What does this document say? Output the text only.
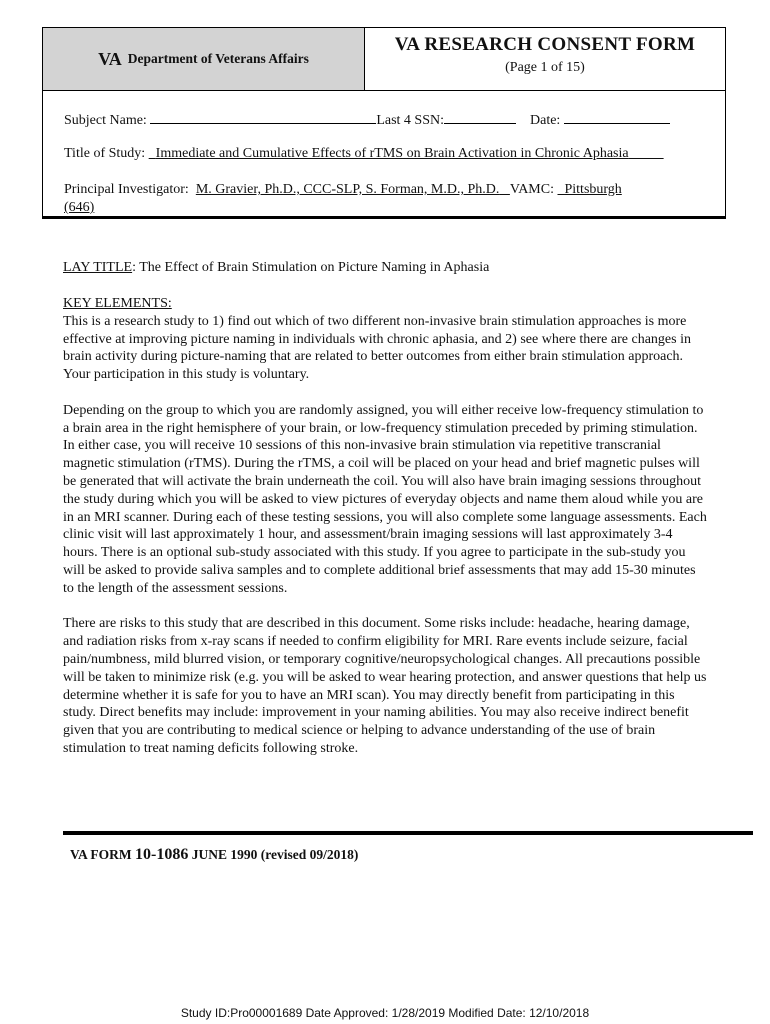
VA Department of Veterans Affairs
VA RESEARCH CONSENT FORM
(Page 1 of 15)
Subject Name:	Last 4 SSN:	Date:
Title of Study: Immediate and Cumulative Effects of rTMS on Brain Activation in Chronic Aphasia
Principal Investigator: M. Gravier, Ph.D., CCC-SLP, S. Forman, M.D., Ph.D. VAMC: Pittsburgh
(646)

LAY TITLE: The Effect of Brain Stimulation on Picture Naming in Aphasia

KEY ELEMENTS:

This is a research study to 1) find out which of two different non-invasive brain stimulation approaches is more effective at improving picture naming in individuals with chronic aphasia, and 2) see where there are changes in brain activity during picture-naming that are related to better outcomes from either brain stimulation approach. Your participation in this study is voluntary.

Depending on the group to which you are randomly assigned, you will either receive low-frequency stimulation to a brain area in the right hemisphere of your brain, or low-frequency stimulation preceded by priming stimulation. In either case, you will receive 10 sessions of this non-invasive brain stimulation via repetitive transcranial magnetic stimulation (rTMS). During the rTMS, a coil will be placed on your head and brief magnetic pulses will be generated that will activate the brain underneath the coil. You will also have brain imaging sessions throughout the study during which you will be asked to view pictures of everyday objects and name them aloud while you are in an MRI scanner. During each of these testing sessions, you will also complete some language assessments. Each clinic visit will last approximately 1 hour, and assessment/brain imaging sessions will last approximately 3-4 hours. There is an optional sub-study associated with this study. If you agree to participate in the sub-study you will be asked to provide saliva samples and to complete additional brief assessments that may add 15-30 minutes to the length of the assessment sessions.

There are risks to this study that are described in this document. Some risks include: headache, hearing damage, and radiation risks from x-ray scans if needed to confirm eligibility for MRI. Rare events include seizure, facial pain/numbness, mild blurred vision, or temporary cognitive/neuropsychological changes. All precautions possible will be taken to minimize risk (e.g. you will be asked to wear hearing protection, and answer questions that help us determine whether it is safe for you to have an MRI scan). You may directly benefit from participating in this study. Direct benefits may include: improvement in your naming abilities. You may also receive indirect benefit given that you are contributing to medical science or helping to advance understanding of the use of brain stimulation to treat naming deficits following stroke.

VA FORM 10-1086 JUNE 1990 (revised 09/2018)
Study ID:Pro00001689 Date Approved: 1/28/2019 Modified Date: 12/10/2018
